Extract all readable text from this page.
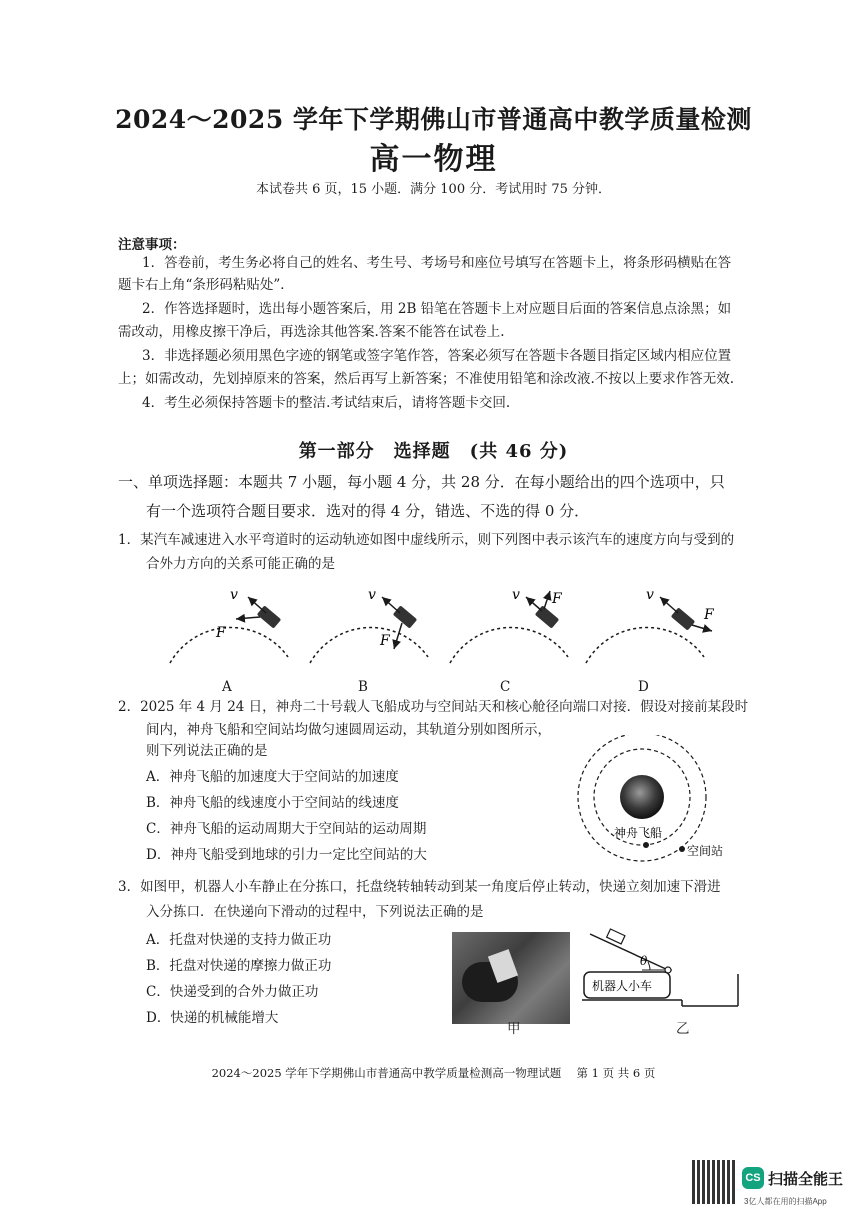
2024～2025 学年下学期佛山市普通高中教学质量检测
高一物理
本试卷共 6 页，15 小题．满分 100 分．考试用时 75 分钟．
注意事项：
1．答卷前，考生务必将自己的姓名、考生号、考场号和座位号填写在答题卡上，将条形码横贴在答
题卡右上角“条形码粘贴处”．
2．作答选择题时，选出每小题答案后，用 2B 铅笔在答题卡上对应题目后面的答案信息点涂黑；如
需改动，用橡皮擦干净后，再选涂其他答案.答案不能答在试卷上.
3．非选择题必须用黑色字迹的钢笔或签字笔作答，答案必须写在答题卡各题目指定区域内相应位置
上；如需改动，先划掉原来的答案，然后再写上新答案；不准使用铅笔和涂改液.不按以上要求作答无效.
4．考生必须保持答题卡的整洁.考试结束后，请将答题卡交回.
第一部分　选择题　(共 46 分)
一、单项选择题：本题共 7 小题，每小题 4 分，共 28 分．在每小题给出的四个选项中，只
有一个选项符合题目要求．选对的得 4 分，错选、不选的得 0 分．
1．某汽车减速进入水平弯道时的运动轨迹如图中虚线所示，则下列图中表示该汽车的速度方向与受到的
合外力方向的关系可能正确的是
v
F
v
F
v F	v
F
A	B	C	D
2．2025 年 4 月 24 日，神舟二十号载人飞船成功与空间站天和核心舱径向端口对接．假设对接前某段时
间内，神舟飞船和空间站均做匀速圆周运动，其轨道分别如图所示，
则下列说法正确的是
A．神舟飞船的加速度大于空间站的加速度
B．神舟飞船的线速度小于空间站的线速度
C．神舟飞船的运动周期大于空间站的运动周期
D．神舟飞船受到地球的引力一定比空间站的大
神舟飞船
空间站
3．如图甲，机器人小车静止在分拣口，托盘绕转轴转动到某一角度后停止转动，快递立刻加速下滑进
入分拣口．在快递向下滑动的过程中，下列说法正确的是
A．托盘对快递的支持力做正功
B．托盘对快递的摩擦力做正功
C．快递受到的合外力做正功
D．快递的机械能增大
甲
θ
机器人小车
乙
2024～2025 学年下学期佛山市普通高中教学质量检测高一物理试题　 第 1 页 共 6 页
CS 扫描全能王
3亿人都在用的扫描App
